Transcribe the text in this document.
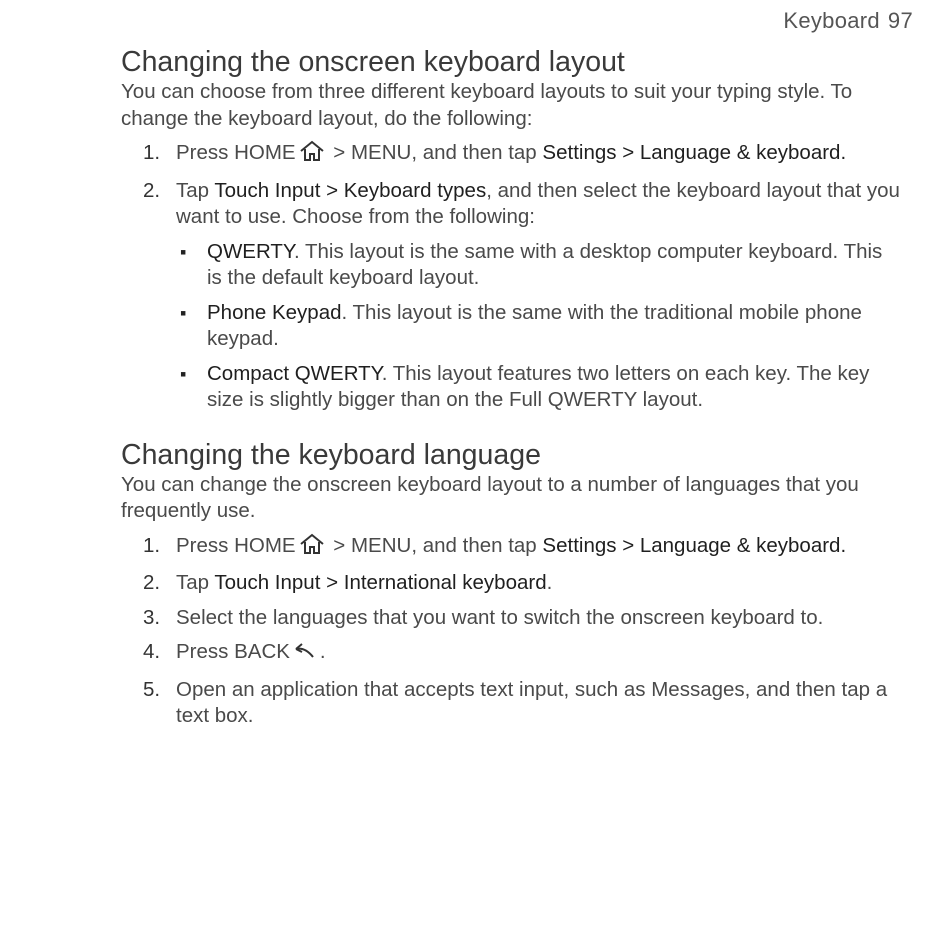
Keyboard 97
Changing the onscreen keyboard layout

You can choose from three different keyboard layouts to suit your typing style. To change the keyboard layout, do the following:

1. Press HOME > MENU, and then tap Settings > Language & keyboard.
2. Tap Touch Input > Keyboard types, and then select the keyboard layout that you want to use. Choose from the following:
▪ QWERTY. This layout is the same with a desktop computer keyboard. This is the default keyboard layout.
▪ Phone Keypad. This layout is the same with the traditional mobile phone keypad.
▪ Compact QWERTY. This layout features two letters on each key. The key size is slightly bigger than on the Full QWERTY layout.
Changing the keyboard language

You can change the onscreen keyboard layout to a number of languages that you frequently use.

1. Press HOME > MENU, and then tap Settings > Language & keyboard.
2. Tap Touch Input > International keyboard.
3. Select the languages that you want to switch the onscreen keyboard to.
4. Press BACK .
5. Open an application that accepts text input, such as Messages, and then tap a text box.
